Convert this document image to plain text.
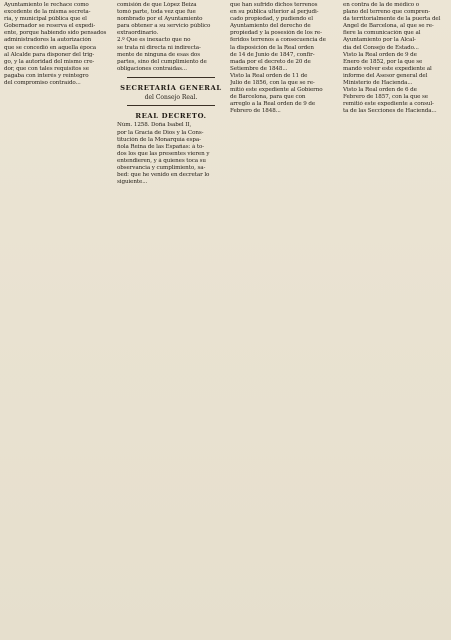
Ayuntamiento le rechace como
excedente de la misma secreta-
ria, y municipal pública que el
Gobernador se reserva el expedi-
ente, porque habiendo sido pensados
administradores la autorización
que se concedió en aquella época
al Alcalde para disponer del trig-
go, y la autoridad del mismo cre-
dor, que con tales requisitos se
pagaba con interés y reintegro
del compromiso contraído...
comisión de que López Beiza
tomó parte, toda vez que fue
nombrado por el Ayuntamiento
para obtener a su servicio público
extraordinario.
2.º Que es inexacto que no
se trata ni directa ni indirecta-
mente de ninguna de esas dos
partes, sino del cumplimiento de
obligaciones contraídas...
SECRETARÍA GENERAL
del Consejo Real.
REAL DECRETO.
Núm. 1258. Doña Isabel II,
por la Gracia de Dios y la Cons-
titución de la Monarquía espa-
ñola Reina de las Españas: á to-
dos los que las presentes vieren y
entendieren, y á quienes toca su
observancia y cumplimiento, sa-
bed: que he venido en decretar lo
siguiente...
que han sufrido dichos terrenos
en su pública ulterior al perjudi-
cado propiedad, y pudiendo el
Ayuntamiento del derecho de
propiedad y la posesión de los re-
feridos terrenos a consecuencia de
la disposición de la Real orden
de 14 de Junio de 1847, confir-
mada por el decreto de 20 de
Setiembre de 1848...
Visto la Real orden de 11 de
Julio de 1856, con la que se re-
mitió este expediente al Gobierno
de Barcelona, para que con
arreglo a la Real orden de 9 de
Febrero de 1848...
en contra de la de médico o
plano del terreno que compren-
da territorialmente de la puerta del
Ángel de Barcelona, al que se re-
fiere la comunicación que al
Ayuntamiento por la Alcal-
día del Consejo de Estado...
Visto la Real orden de 9 de
Enero de 1852, por la que se
mandó volver este expediente al
informe del Asesor general del
Ministerio de Hacienda...
Visto la Real orden de 6 de
Febrero de 1857, con la que se
remitió este expediente a consul-
ta de las Secciones de Hacienda...
